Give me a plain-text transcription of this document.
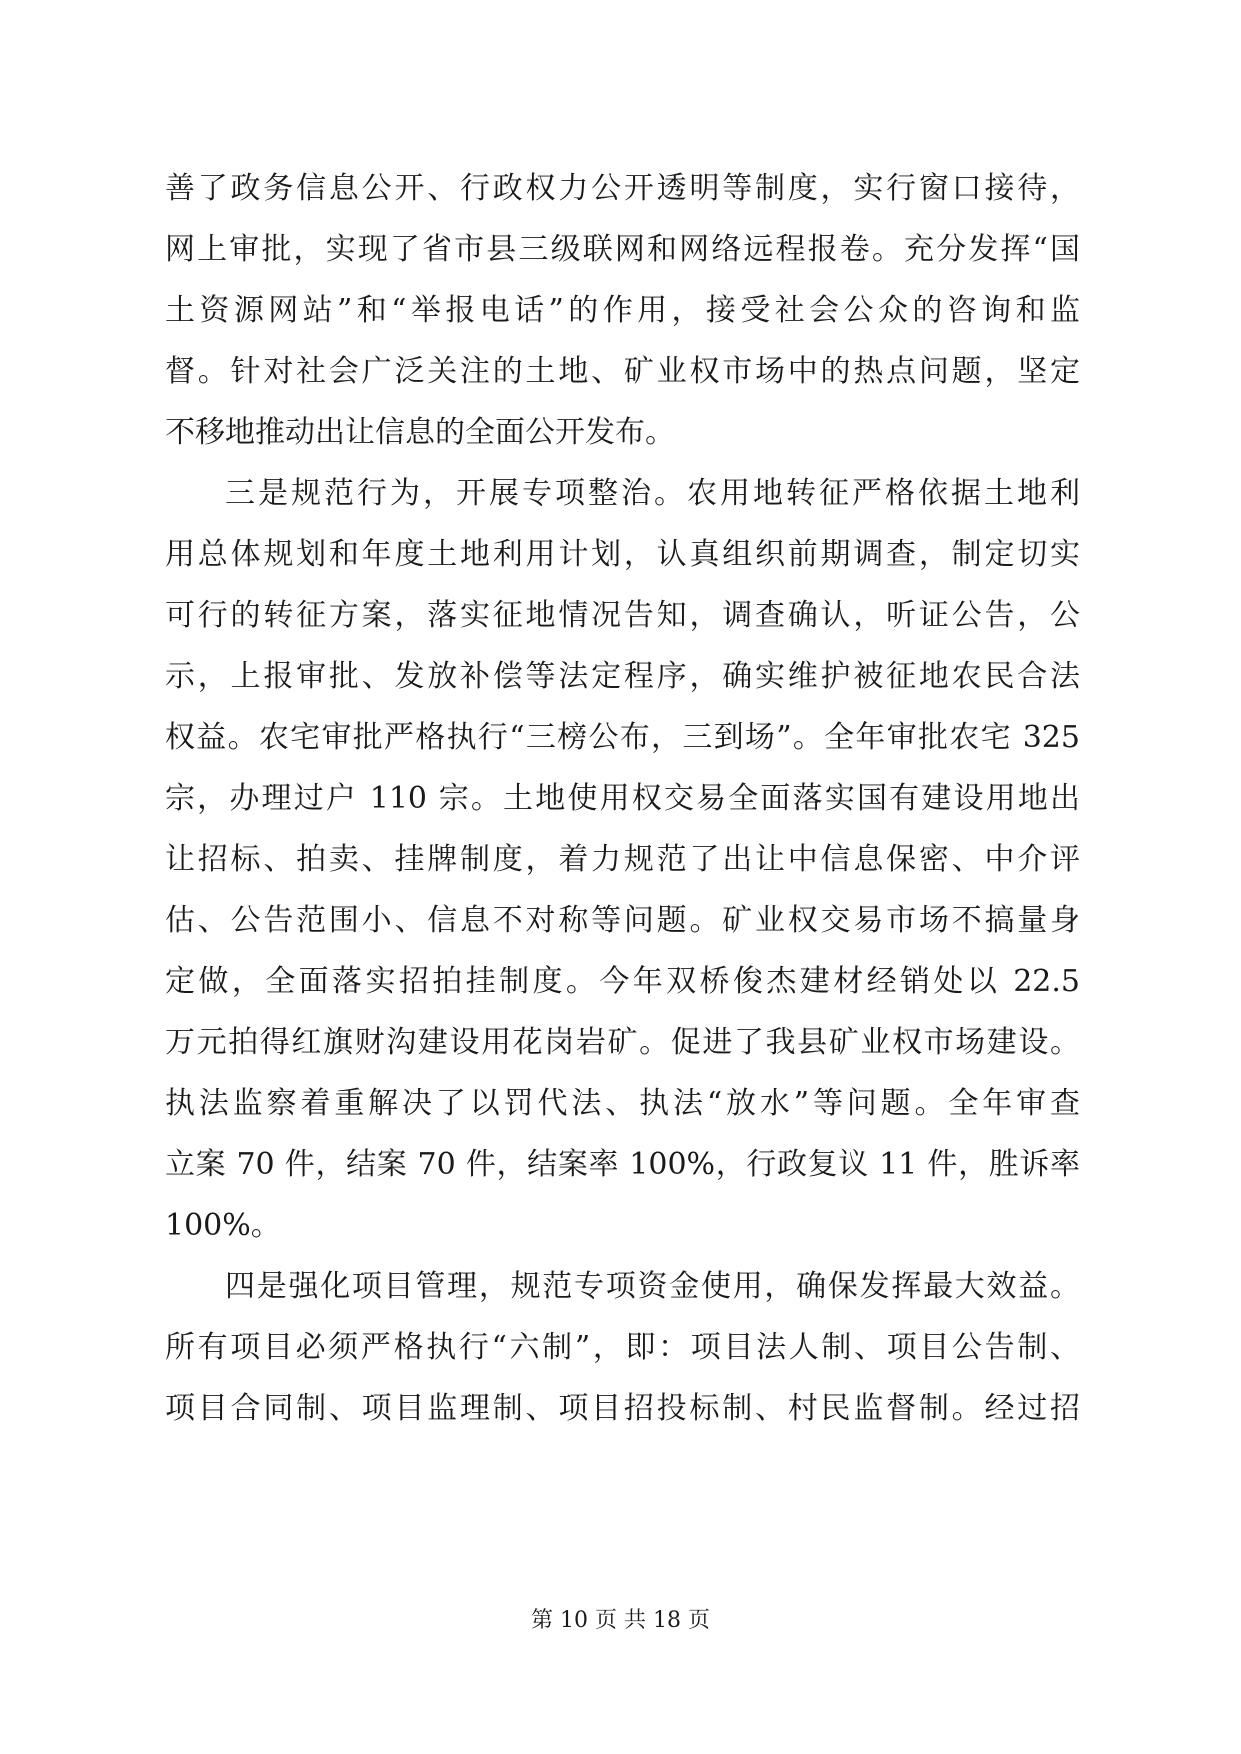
善了政务信息公开、行政权力公开透明等制度，实行窗口接待，
网上审批，实现了省市县三级联网和网络远程报卷。充分发挥“国
土资源网站”和“举报电话”的作用，接受社会公众的咨询和监
督。针对社会广泛关注的土地、矿业权市场中的热点问题，坚定
不移地推动出让信息的全面公开发布。
三是规范行为，开展专项整治。农用地转征严格依据土地利
用总体规划和年度土地利用计划，认真组织前期调查，制定切实
可行的转征方案，落实征地情况告知，调查确认，听证公告，公
示，上报审批、发放补偿等法定程序，确实维护被征地农民合法
权益。农宅审批严格执行“三榜公布，三到场”。全年审批农宅 325
宗，办理过户 110 宗。土地使用权交易全面落实国有建设用地出
让招标、拍卖、挂牌制度，着力规范了出让中信息保密、中介评
估、公告范围小、信息不对称等问题。矿业权交易市场不搞量身
定做，全面落实招拍挂制度。今年双桥俊杰建材经销处以 22.5
万元拍得红旗财沟建设用花岗岩矿。促进了我县矿业权市场建设。
执法监察着重解决了以罚代法、执法“放水”等问题。全年审查
立案 70 件，结案 70 件，结案率 100%，行政复议 11 件，胜诉率
100%。
四是强化项目管理，规范专项资金使用，确保发挥最大效益。
所有项目必须严格执行“六制”，即：项目法人制、项目公告制、
项目合同制、项目监理制、项目招投标制、村民监督制。经过招
第 10 页 共 18 页
